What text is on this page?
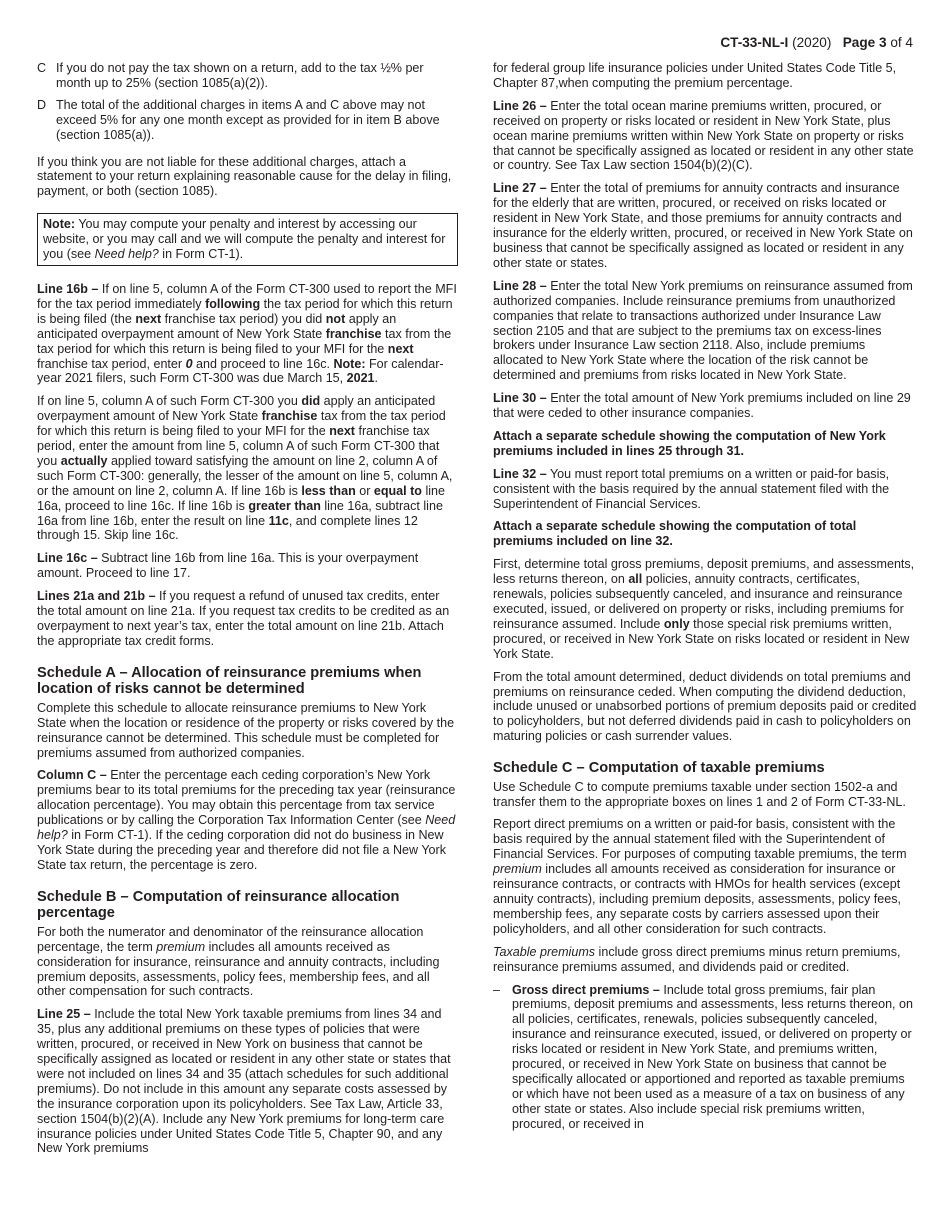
CT-33-NL-I (2020) Page 3 of 4
C If you do not pay the tax shown on a return, add to the tax ½% per month up to 25% (section 1085(a)(2)).
D The total of the additional charges in items A and C above may not exceed 5% for any one month except as provided for in item B above (section 1085(a)).

If you think you are not liable for these additional charges, attach a statement to your return explaining reasonable cause for the delay in filing, payment, or both (section 1085).

Note: You may compute your penalty and interest by accessing our website, or you may call and we will compute the penalty and interest for you (see Need help? in Form CT-1).

Line 16b – If on line 5, column A of the Form CT-300 used to report the MFI for the tax period immediately following the tax period for which this return is being filed (the next franchise tax period) you did not apply an anticipated overpayment amount of New York State franchise tax from the tax period for which this return is being filed to your MFI for the next franchise tax period, enter 0 and proceed to line 16c. Note: For calendar-year 2021 filers, such Form CT-300 was due March 15, 2021.

If on line 5, column A of such Form CT-300 you did apply an anticipated overpayment amount of New York State franchise tax from the tax period for which this return is being filed to your MFI for the next franchise tax period, enter the amount from line 5, column A of such Form CT-300 that you actually applied toward satisfying the amount on line 2, column A of such Form CT-300: generally, the lesser of the amount on line 5, column A, or the amount on line 2, column A. If line 16b is less than or equal to line 16a, proceed to line 16c. If line 16b is greater than line 16a, subtract line 16a from line 16b, enter the result on line 11c, and complete lines 12 through 15. Skip line 16c.

Line 16c – Subtract line 16b from line 16a. This is your overpayment amount. Proceed to line 17.

Lines 21a and 21b – If you request a refund of unused tax credits, enter the total amount on line 21a. If you request tax credits to be credited as an overpayment to next year’s tax, enter the total amount on line 21b. Attach the appropriate tax credit forms.

Schedule A – Allocation of reinsurance premiums when location of risks cannot be determined

Complete this schedule to allocate reinsurance premiums to New York State when the location or residence of the property or risks covered by the reinsurance cannot be determined. This schedule must be completed for premiums assumed from authorized companies.

Column C – Enter the percentage each ceding corporation’s New York premiums bear to its total premiums for the preceding tax year (reinsurance allocation percentage). You may obtain this percentage from tax service publications or by calling the Corporation Tax Information Center (see Need help? in Form CT-1). If the ceding corporation did not do business in New York State during the preceding year and therefore did not file a New York State tax return, the percentage is zero.

Schedule B – Computation of reinsurance allocation percentage

For both the numerator and denominator of the reinsurance allocation percentage, the term premium includes all amounts received as consideration for insurance, reinsurance and annuity contracts, including premium deposits, assessments, policy fees, membership fees, and all other compensation for such contracts.

Line 25 – Include the total New York taxable premiums from lines 34 and 35, plus any additional premiums on these types of policies that were written, procured, or received in New York on business that cannot be specifically assigned as located or resident in any other state or states that were not included on lines 34 and 35 (attach schedules for such additional premiums). Do not include in this amount any separate costs assessed by the insurance corporation upon its policyholders. See Tax Law, Article 33, section 1504(b)(2)(A). Include any New York premiums for long-term care insurance policies under United States Code Title 5, Chapter 90, and any New York premiums

for federal group life insurance policies under United States Code Title 5, Chapter 87,when computing the premium percentage.

Line 26 – Enter the total ocean marine premiums written, procured, or received on property or risks located or resident in New York State, plus ocean marine premiums written within New York State on property or risks that cannot be specifically assigned as located or resident in any other state or country. See Tax Law section 1504(b)(2)(C).

Line 27 – Enter the total of premiums for annuity contracts and insurance for the elderly that are written, procured, or received on risks located or resident in New York State, and those premiums for annuity contracts and insurance for the elderly written, procured, or received in New York State on business that cannot be specifically assigned as located or resident in any other state or states.

Line 28 – Enter the total New York premiums on reinsurance assumed from authorized companies. Include reinsurance premiums from unauthorized companies that relate to transactions authorized under Insurance Law section 2105 and that are subject to the premiums tax on excess-lines brokers under Insurance Law section 2118. Also, include premiums allocated to New York State where the location of the risk cannot be determined and premiums from risks located in New York State.

Line 30 – Enter the total amount of New York premiums included on line 29 that were ceded to other insurance companies.

Attach a separate schedule showing the computation of New York premiums included in lines 25 through 31.

Line 32 – You must report total premiums on a written or paid-for basis, consistent with the basis required by the annual statement filed with the Superintendent of Financial Services.

Attach a separate schedule showing the computation of total premiums included on line 32.

First, determine total gross premiums, deposit premiums, and assessments, less returns thereon, on all policies, annuity contracts, certificates, renewals, policies subsequently canceled, and insurance and reinsurance executed, issued, or delivered on property or risks, including premiums for reinsurance assumed. Include only those special risk premiums written, procured, or received in New York State on risks located or resident in New York State.

From the total amount determined, deduct dividends on total premiums and premiums on reinsurance ceded. When computing the dividend deduction, include unused or unabsorbed portions of premium deposits paid or credited to policyholders, but not deferred dividends paid in cash to policyholders on maturing policies or cash surrender values.

Schedule C – Computation of taxable premiums

Use Schedule C to compute premiums taxable under section 1502-a and transfer them to the appropriate boxes on lines 1 and 2 of Form CT-33-NL.

Report direct premiums on a written or paid-for basis, consistent with the basis required by the annual statement filed with the Superintendent of Financial Services. For purposes of computing taxable premiums, the term premium includes all amounts received as consideration for insurance or reinsurance contracts, or contracts with HMOs for health services (except annuity contracts), including premium deposits, assessments, policy fees, membership fees, any separate costs by carriers assessed upon their policyholders, and all other consideration for such contracts.

Taxable premiums include gross direct premiums minus return premiums, reinsurance premiums assumed, and dividends paid or credited.

– Gross direct premiums – Include total gross premiums, fair plan premiums, deposit premiums and assessments, less returns thereon, on all policies, certificates, renewals, policies subsequently canceled, insurance and reinsurance executed, issued, or delivered on property or risks located or resident in New York State, and premiums written, procured, or received in New York State on business that cannot be specifically allocated or apportioned and reported as taxable premiums or which have not been used as a measure of a tax on business of any other state or states. Also include special risk premiums written, procured, or received in
